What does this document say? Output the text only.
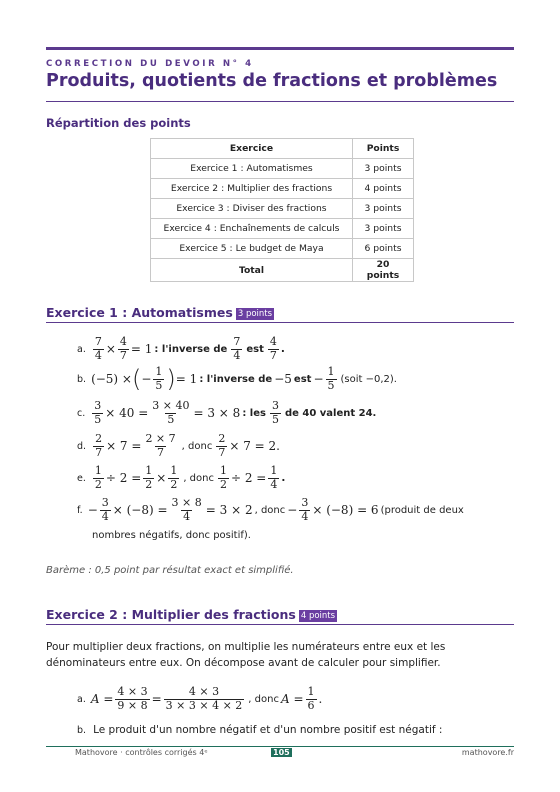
CORRECTION DU DEVOIR N° 4
Produits, quotients de fractions et problèmes
Répartition des points
Exercice	Points
Exercice 1 : Automatismes	3 points
Exercice 2 : Multiplier des fractions	4 points
Exercice 3 : Diviser des fractions	3 points
Exercice 4 : Enchaînements de calculs	3 points
Exercice 5 : Le budget de Maya	6 points
Total	20 points
Exercice 1 : Automatismes 3 points
a. $\frac{7}{4} \times \frac{4}{7} = 1$ : l'inverse de $\frac{7}{4}$ est $\frac{4}{7}$ .
b. (−5) × ( − $\frac{1}{5}$ ) = 1 : l'inverse de −5 est − $\frac{1}{5}$ (soit −0,2).
c. $\frac{3}{5} \times 40 = \frac{3 \times 40}{5} = 3 \times 8$ : les $\frac{3}{5}$ de 40 valent 24.
d. $\frac{2}{7} \times 7 = \frac{2 \times 7}{7}$ , donc $\frac{2}{7} \times 7 = 2$.
e. $\frac{1}{2} \div 2 = \frac{1}{2} \times \frac{1}{2}$ , donc $\frac{1}{2} \div 2 = \frac{1}{4}$ .
f. − $\frac{3}{4} \times (-8) = \frac{3 \times 8}{4} = 3 \times 2$ , donc − $\frac{3}{4} \times (-8) = 6$ (produit de deux
nombres négatifs, donc positif).
Barème : 0,5 point par résultat exact et simplifié.
Exercice 2 : Multiplier des fractions 4 points
Pour multiplier deux fractions, on multiplie les numérateurs entre eux et les dénominateurs entre eux. On décompose avant de calculer pour simplifier.
a. $A = \frac{4 \times 3}{9 \times 8} = \frac{4 \times 3}{3 \times 3 \times 4 \times 2}$ , donc $A = \frac{1}{6}$ .
b. Le produit d'un nombre négatif et d'un nombre positif est négatif :
Mathovore · contrôles corrigés 4ᵉ	105	mathovore.fr
